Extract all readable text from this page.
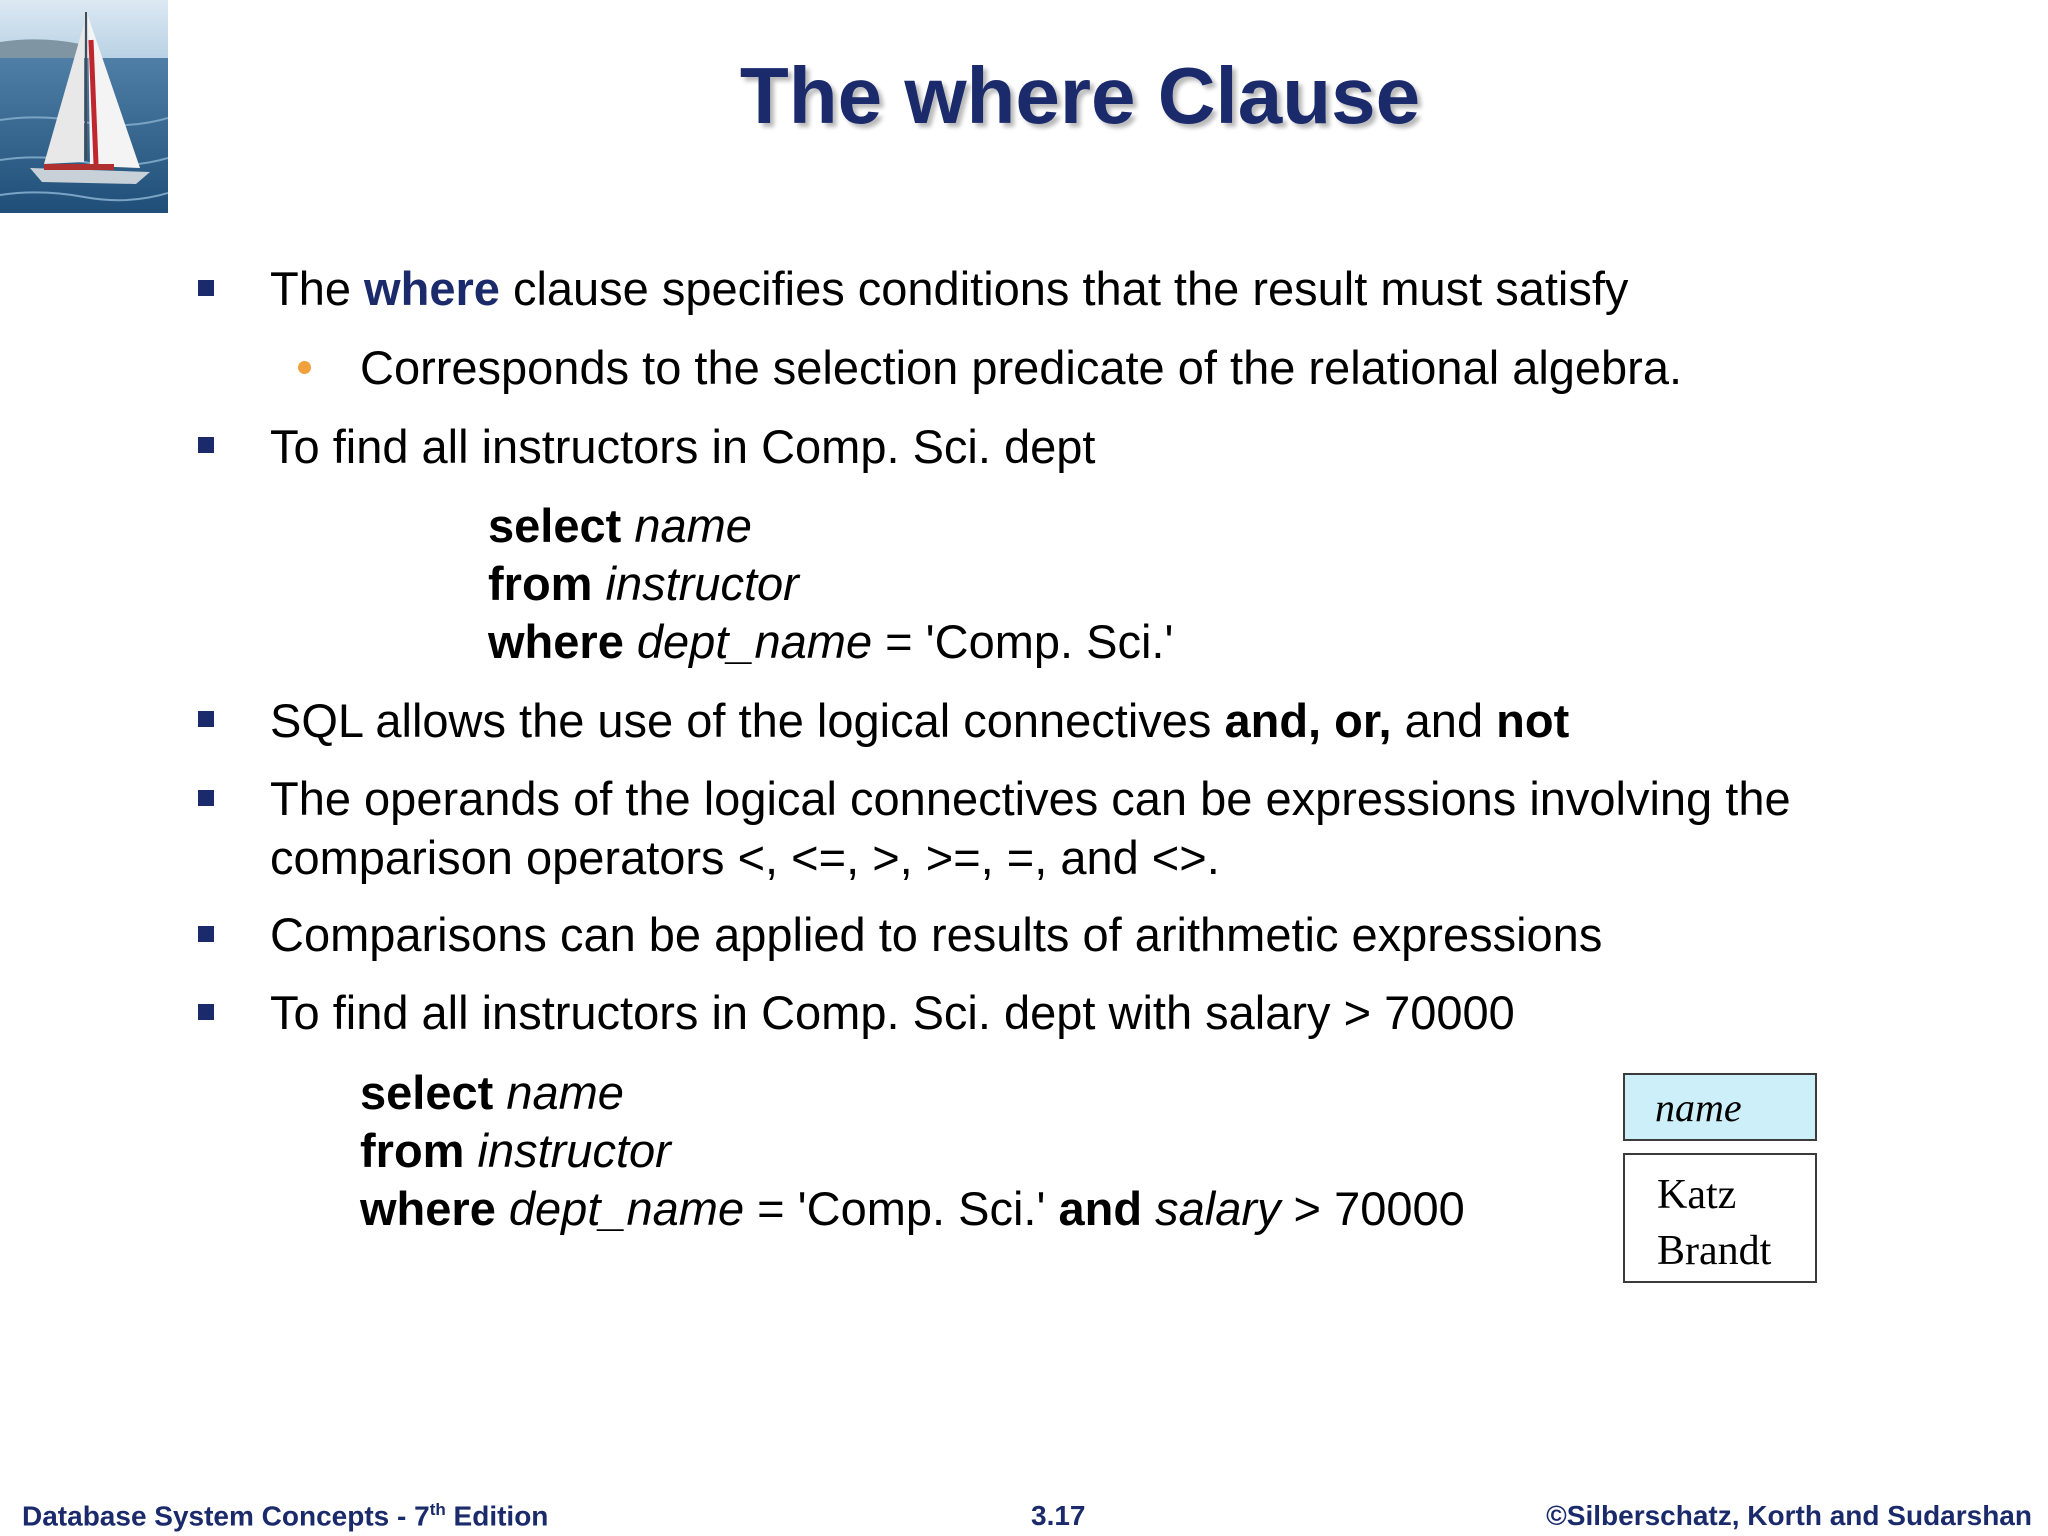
The where Clause
The where clause specifies conditions that the result must satisfy
Corresponds to the selection predicate of the relational algebra.
To find all instructors in Comp. Sci. dept
select name
from instructor
where dept_name = 'Comp. Sci.'
SQL allows the use of the logical connectives and, or, and not
The operands of the logical connectives can be expressions involving the
comparison operators <, <=, >, >=, =, and <>.
Comparisons can be applied to results of arithmetic expressions
To find all instructors in Comp. Sci. dept with salary > 70000
select name
from instructor
where dept_name = 'Comp. Sci.' and salary > 70000
name
Katz
Brandt
Database System Concepts - 7th Edition	3.17	©Silberschatz, Korth and Sudarshan
